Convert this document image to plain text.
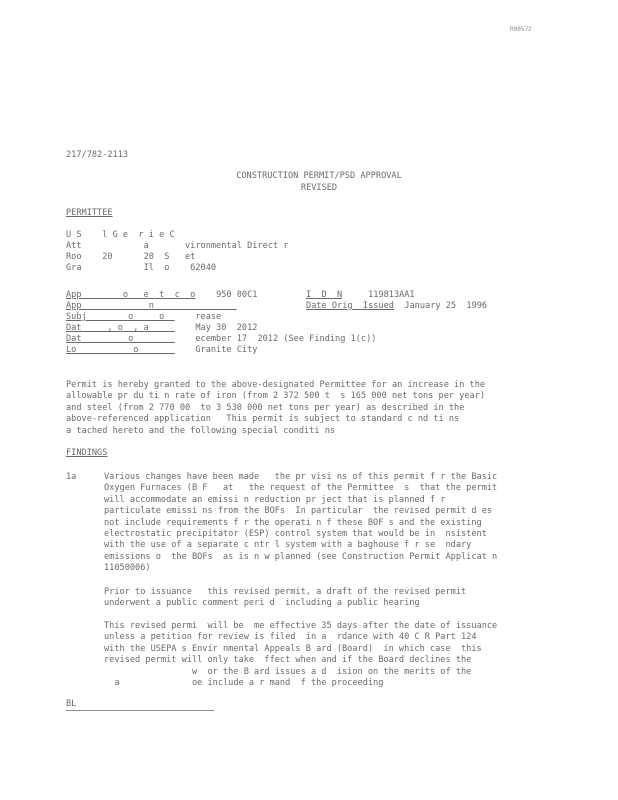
R00572
217/782-2113
CONSTRUCTION PERMIT/PSD APPROVAL
REVISED
PERMITTEE
U S    l G e  r i e C
Att            a       vironmental Direct r
Roo    20      20  S   et
Gra            Il  o    62040
App        o   e  t  c  o 950 00C1
App             n
Subj        o     o      rease
Dat     , o  , a         May 30  2012
Dat         o            ecember 17  2012 (See Finding 1(c))
Lo           o           Granite City
I  D  N	119813AAI
Date Orig  Issued January 25  1996
Permit is hereby granted to the above-designated Permittee for an increase in the
allowable pr du ti n rate of iron (from 2 372 500 t  s 165 000 net tons per year)
and steel (from 2 770 00  to 3 530 000 net tons per year) as described in the
above-referenced application   This permit is subject to standard c nd ti ns
a tached hereto and the following special conditi ns
FINDINGS
1a	Various changes have been made   the pr visi ns of this permit f r the Basic
Oxygen Furnaces (B F   at   the request of the Permittee  s  that the permit
will accommodate an emissi n reduction pr ject that is planned f r
particulate emissi ns from the BOFs  In particular  the revised permit d es
not include requirements f r the operati n f these BOF s and the existing
electrostatic precipitator (ESP) control system that would be in  nsistent
with the use of a separate c ntr l system with a baghouse f r se  ndary
emissions o  the BOFs  as is n w planned (see Construction Permit Applicat n
11050006)
Prior to issuance   this revised permit, a draft of the revised permit
underwent a public comment peri d  including a public hearing
This revised permi  will be  me effective 35 days after the date of issuance
unless a petition for review is filed  in a  rdance with 40 C R Part 124
with the USEPA s Envir nmental Appeals B ard (Board)  in which case  this
revised permit will only take  ffect when and if the Board declines the
w  or the B ard issues a d  ision on the merits of the
a              oe include a r mand  f the proceeding
BL
